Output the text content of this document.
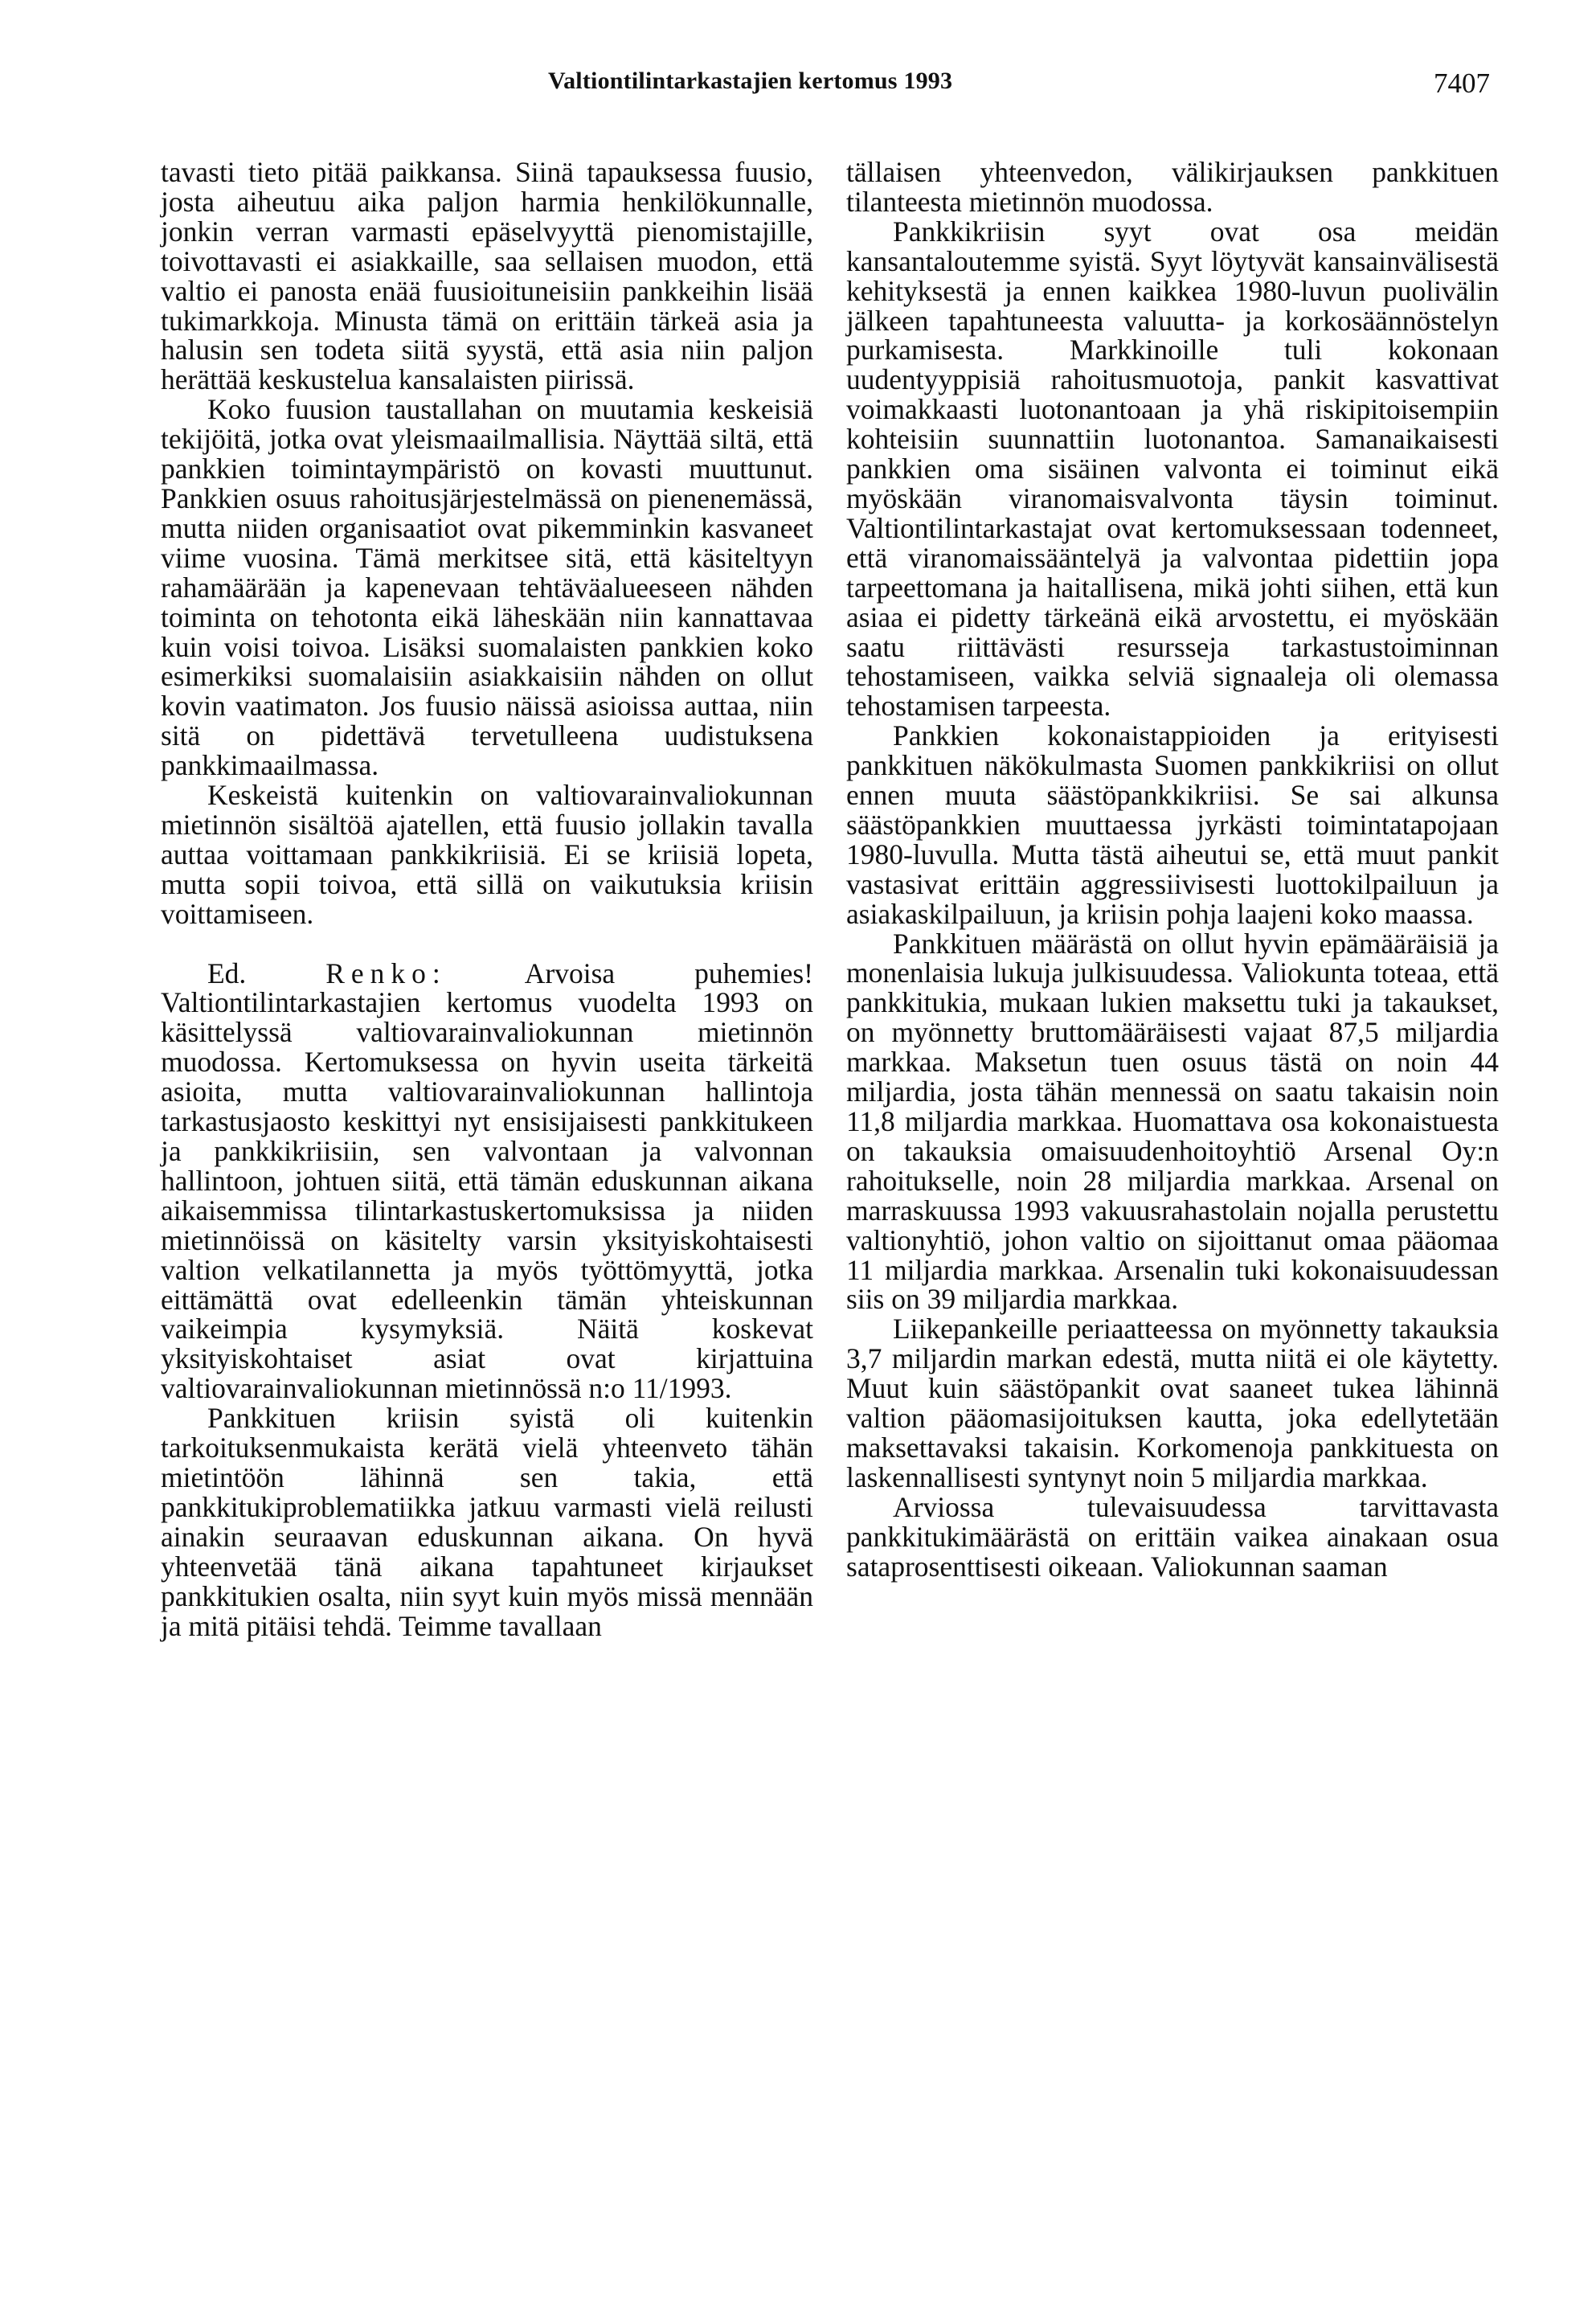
Valtiontilintarkastajien kertomus 1993	7407

tavasti tieto pitää paikkansa. Siinä tapauksessa fuusio, josta aiheutuu aika paljon harmia henkilökunnalle, jonkin verran varmasti epäselvyyttä pienomistajille, toivottavasti ei asiakkaille, saa sellaisen muodon, että valtio ei panosta enää fuusioituneisiin pankkeihin lisää tukimarkkoja. Minusta tämä on erittäin tärkeä asia ja halusin sen todeta siitä syystä, että asia niin paljon herättää keskustelua kansalaisten piirissä.

Koko fuusion taustallahan on muutamia keskeisiä tekijöitä, jotka ovat yleismaailmallisia. Näyttää siltä, että pankkien toimintaympäristö on kovasti muuttunut. Pankkien osuus rahoitusjärjestelmässä on pienenemässä, mutta niiden organisaatiot ovat pikemminkin kasvaneet viime vuosina. Tämä merkitsee sitä, että käsiteltyyn rahamäärään ja kapenevaan tehtäväalueeseen nähden toiminta on tehotonta eikä läheskään niin kannattavaa kuin voisi toivoa. Lisäksi suomalaisten pankkien koko esimerkiksi suomalaisiin asiakkaisiin nähden on ollut kovin vaatimaton. Jos fuusio näissä asioissa auttaa, niin sitä on pidettävä tervetulleena uudistuksena pankkimaailmassa.

Keskeistä kuitenkin on valtiovarainvaliokunnan mietinnön sisältöä ajatellen, että fuusio jollakin tavalla auttaa voittamaan pankkikriisiä. Ei se kriisiä lopeta, mutta sopii toivoa, että sillä on vaikutuksia kriisin voittamiseen.

Ed.	Renko:	Arvoisa puhemies! Valtiontilintarkastajien kertomus vuodelta 1993 on käsittelyssä valtiovarainvaliokunnan mietinnön muodossa. Kertomuksessa on hyvin useita tärkeitä asioita, mutta valtiovarainvaliokunnan hallintoja tarkastusjaosto keskittyi nyt ensisijaisesti pankkitukeen ja pankkikriisiin, sen valvontaan ja valvonnan hallintoon, johtuen siitä, että tämän eduskunnan aikana aikaisemmissa tilintarkastuskertomuksissa ja niiden mietinnöissä on käsitelty varsin yksityiskohtaisesti valtion velkatilannetta ja myös työttömyyttä, jotka eittämättä ovat edelleenkin tämän yhteiskunnan vaikeimpia kysymyksiä. Näitä koskevat yksityiskohtaiset asiat ovat kirjattuina valtiovarainvaliokunnan mietinnössä n:o 11/1993.

Pankkituen kriisin syistä oli kuitenkin tarkoituksenmukaista kerätä vielä yhteenveto tähän mietintöön lähinnä sen takia, että pankkitukiproblematiikka jatkuu varmasti vielä reilusti ainakin seuraavan eduskunnan aikana. On hyvä yhteenvetää tänä aikana tapahtuneet kirjaukset pankkitukien osalta, niin syyt kuin myös missä mennään ja mitä pitäisi tehdä. Teimme tavallaan

tällaisen yhteenvedon, välikirjauksen pankkituen tilanteesta mietinnön muodossa.

Pankkikriisin syyt ovat osa meidän kansantaloutemme syistä. Syyt löytyvät kansainvälisestä kehityksestä ja ennen kaikkea 1980-luvun puolivälin jälkeen tapahtuneesta valuutta- ja korkosäännöstelyn purkamisesta. Markkinoille tuli kokonaan uudentyyppisiä rahoitusmuotoja, pankit kasvattivat voimakkaasti luotonantoaan ja yhä riskipitoisempiin kohteisiin suunnattiin luotonantoa. Samanaikaisesti pankkien oma sisäinen valvonta ei toiminut eikä myöskään viranomaisvalvonta täysin toiminut. Valtiontilintarkastajat ovat kertomuksessaan todenneet, että viranomaissääntelyä ja valvontaa pidettiin jopa tarpeettomana ja haitallisena, mikä johti siihen, että kun asiaa ei pidetty tärkeänä eikä arvostettu, ei myöskään saatu riittävästi resursseja tarkastustoiminnan tehostamiseen, vaikka selviä signaaleja oli olemassa tehostamisen tarpeesta.

Pankkien kokonaistappioiden ja erityisesti pankkituen näkökulmasta Suomen pankkikriisi on ollut ennen muuta säästöpankkikriisi. Se sai alkunsa säästöpankkien muuttaessa jyrkästi toimintatapojaan 1980-luvulla. Mutta tästä aiheutui se, että muut pankit vastasivat erittäin aggressiivisesti luottokilpailuun ja asiakaskilpailuun, ja kriisin pohja laajeni koko maassa.

Pankkituen määrästä on ollut hyvin epämääräisiä ja monenlaisia lukuja julkisuudessa. Valiokunta toteaa, että pankkitukia, mukaan lukien maksettu tuki ja takaukset, on myönnetty bruttomääräisesti vajaat 87,5 miljardia markkaa. Maksetun tuen osuus tästä on noin 44 miljardia, josta tähän mennessä on saatu takaisin noin 11,8 miljardia markkaa. Huomattava osa kokonaistuesta on takauksia omaisuudenhoitoyhtiö Arsenal Oy:n rahoitukselle, noin 28 miljardia markkaa. Arsenal on marraskuussa 1993 vakuusrahastolain nojalla perustettu valtionyhtiö, johon valtio on sijoittanut omaa pääomaa 11 miljardia markkaa. Arsenalin tuki kokonaisuudessan siis on 39 miljardia markkaa.

Liikepankeille periaatteessa on myönnetty takauksia 3,7 miljardin markan edestä, mutta niitä ei ole käytetty. Muut kuin säästöpankit ovat saaneet tukea lähinnä valtion pääomasijoituksen kautta, joka edellytetään maksettavaksi takaisin. Korkomenoja pankkituesta on laskennallisesti syntynyt noin 5 miljardia markkaa.

Arviossa tulevaisuudessa tarvittavasta pankkitukimäärästä on erittäin vaikea ainakaan osua sataprosenttisesti oikeaan. Valiokunnan saaman
